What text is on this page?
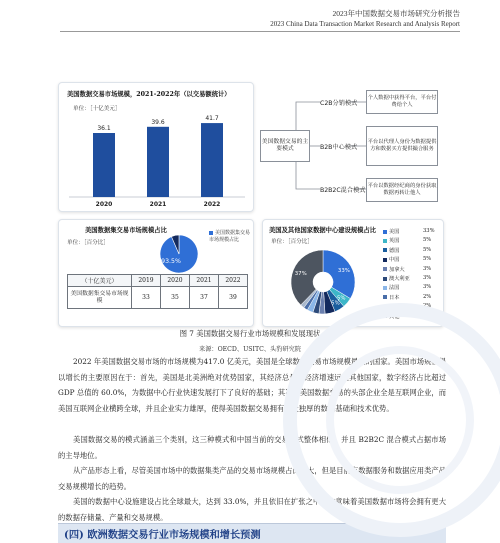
2023年中国数据交易市场研究分析报告
2023 China Data Transaction Market Research and Analysis Report
美国数据交易市场规模，2021-2022年（以交易额统计）
单位：［十亿美元］
36.1
2020
39.6
2021
41.7
2022
美国数据交易的主要模式
C2B分销模式
B2B中心模式
B2B2C混合模式
个人数据中获得平台，平台付费给个人
平台以代理人身份为数据提供方和数据买方提供撮合服务
平台以数据经纪商的身份获取数据再转让他人
美国数据集交易市场规模占比
单位：［百分比］
93.5%
美国数据集交易市场规模占比
（十亿美元）	2019	2020	2021	2022
美国数据集交易市场规模	33	35	37	39
美国及其他国家数据中心建设规模占比
单位：［百分比］
33%
5%
5%
37%
美国	33%
英国	5%
德国	5%
中国	5%
加拿大	3%
澳大利亚	3%
法国	3%
日本	2%
荷兰	2%
其他	37%
图 7 美国数据交易行业市场规模和发展现状
来源：OECD、USITC、头豹研究院
2022 年美国数据交易市场的市场规模为417.0 亿美元，美国是全球数据交易市场规模最大的国家。美国市场规模得以增长的主要原因在于：首先，美国是北美洲绝对优势国家，其经济总量和经济增速远超其他国家，数字经济占比超过 GDP 总值的 60.0%，为数据中心行业快速发展打下了良好的基础；其次，美国数据交易的头部企业全是互联网企业，而美国互联网企业横跨全球，并且企业实力雄厚，使得美国数据交易拥有得天独厚的数据基础和技术优势。
美国数据交易的模式涵盖三个类别，这三种模式和中国当前的交易模式整体相似，并且 B2B2C 混合模式占据市场的主导地位。
从产品形态上看，尽管美国市场中的数据集类产品的交易市场规模占比最大，但是目前有数据服务和数据应用类产品交易规模增长的趋势。
美国的数据中心设施建设占比全球最大，达到 33.0%，并且依旧在扩张之中，这意味着美国数据市场将会拥有更大的数据存储量、产量和交易规模。
(四) 欧洲数据交易行业市场规模和增长预测
